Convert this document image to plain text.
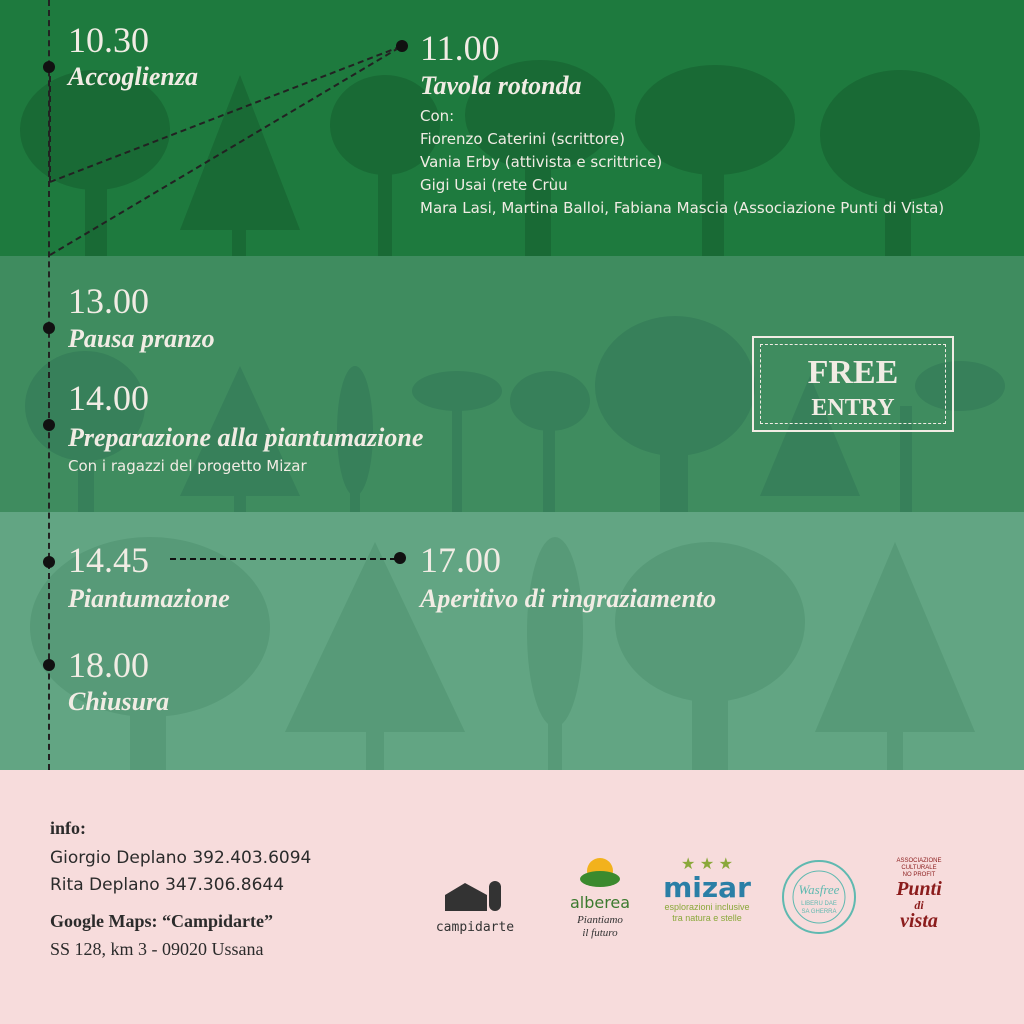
10.30
Accoglienza
11.00
Tavola rotonda
Con:
Fiorenzo Caterini (scrittore)
Vania Erby (attivista e scrittrice)
Gigi Usai (rete Crùu
Mara Lasi, Martina Balloi, Fabiana Mascia (Associazione Punti di Vista)
13.00
Pausa pranzo
14.00
Preparazione alla piantumazione
Con i ragazzi del progetto Mizar
14.45
Piantumazione
17.00
Aperitivo di ringraziamento
18.00
Chiusura
FREE
ENTRY
info:
Giorgio Deplano 392.403.6094
Rita Deplano 347.306.8644
Google Maps: “Campidarte”
SS 128, km 3 - 09020 Ussana
campidarte
alberea
Piantiamo
il futuro
★ ★ ★
mizar
esplorazioni inclusive
tra natura e stelle
Wasfree
LIBERU DAE
SA GHERRA
ASSOCIAZIONE
CULTURALE
NO PROFIT
Punti
di
vista
